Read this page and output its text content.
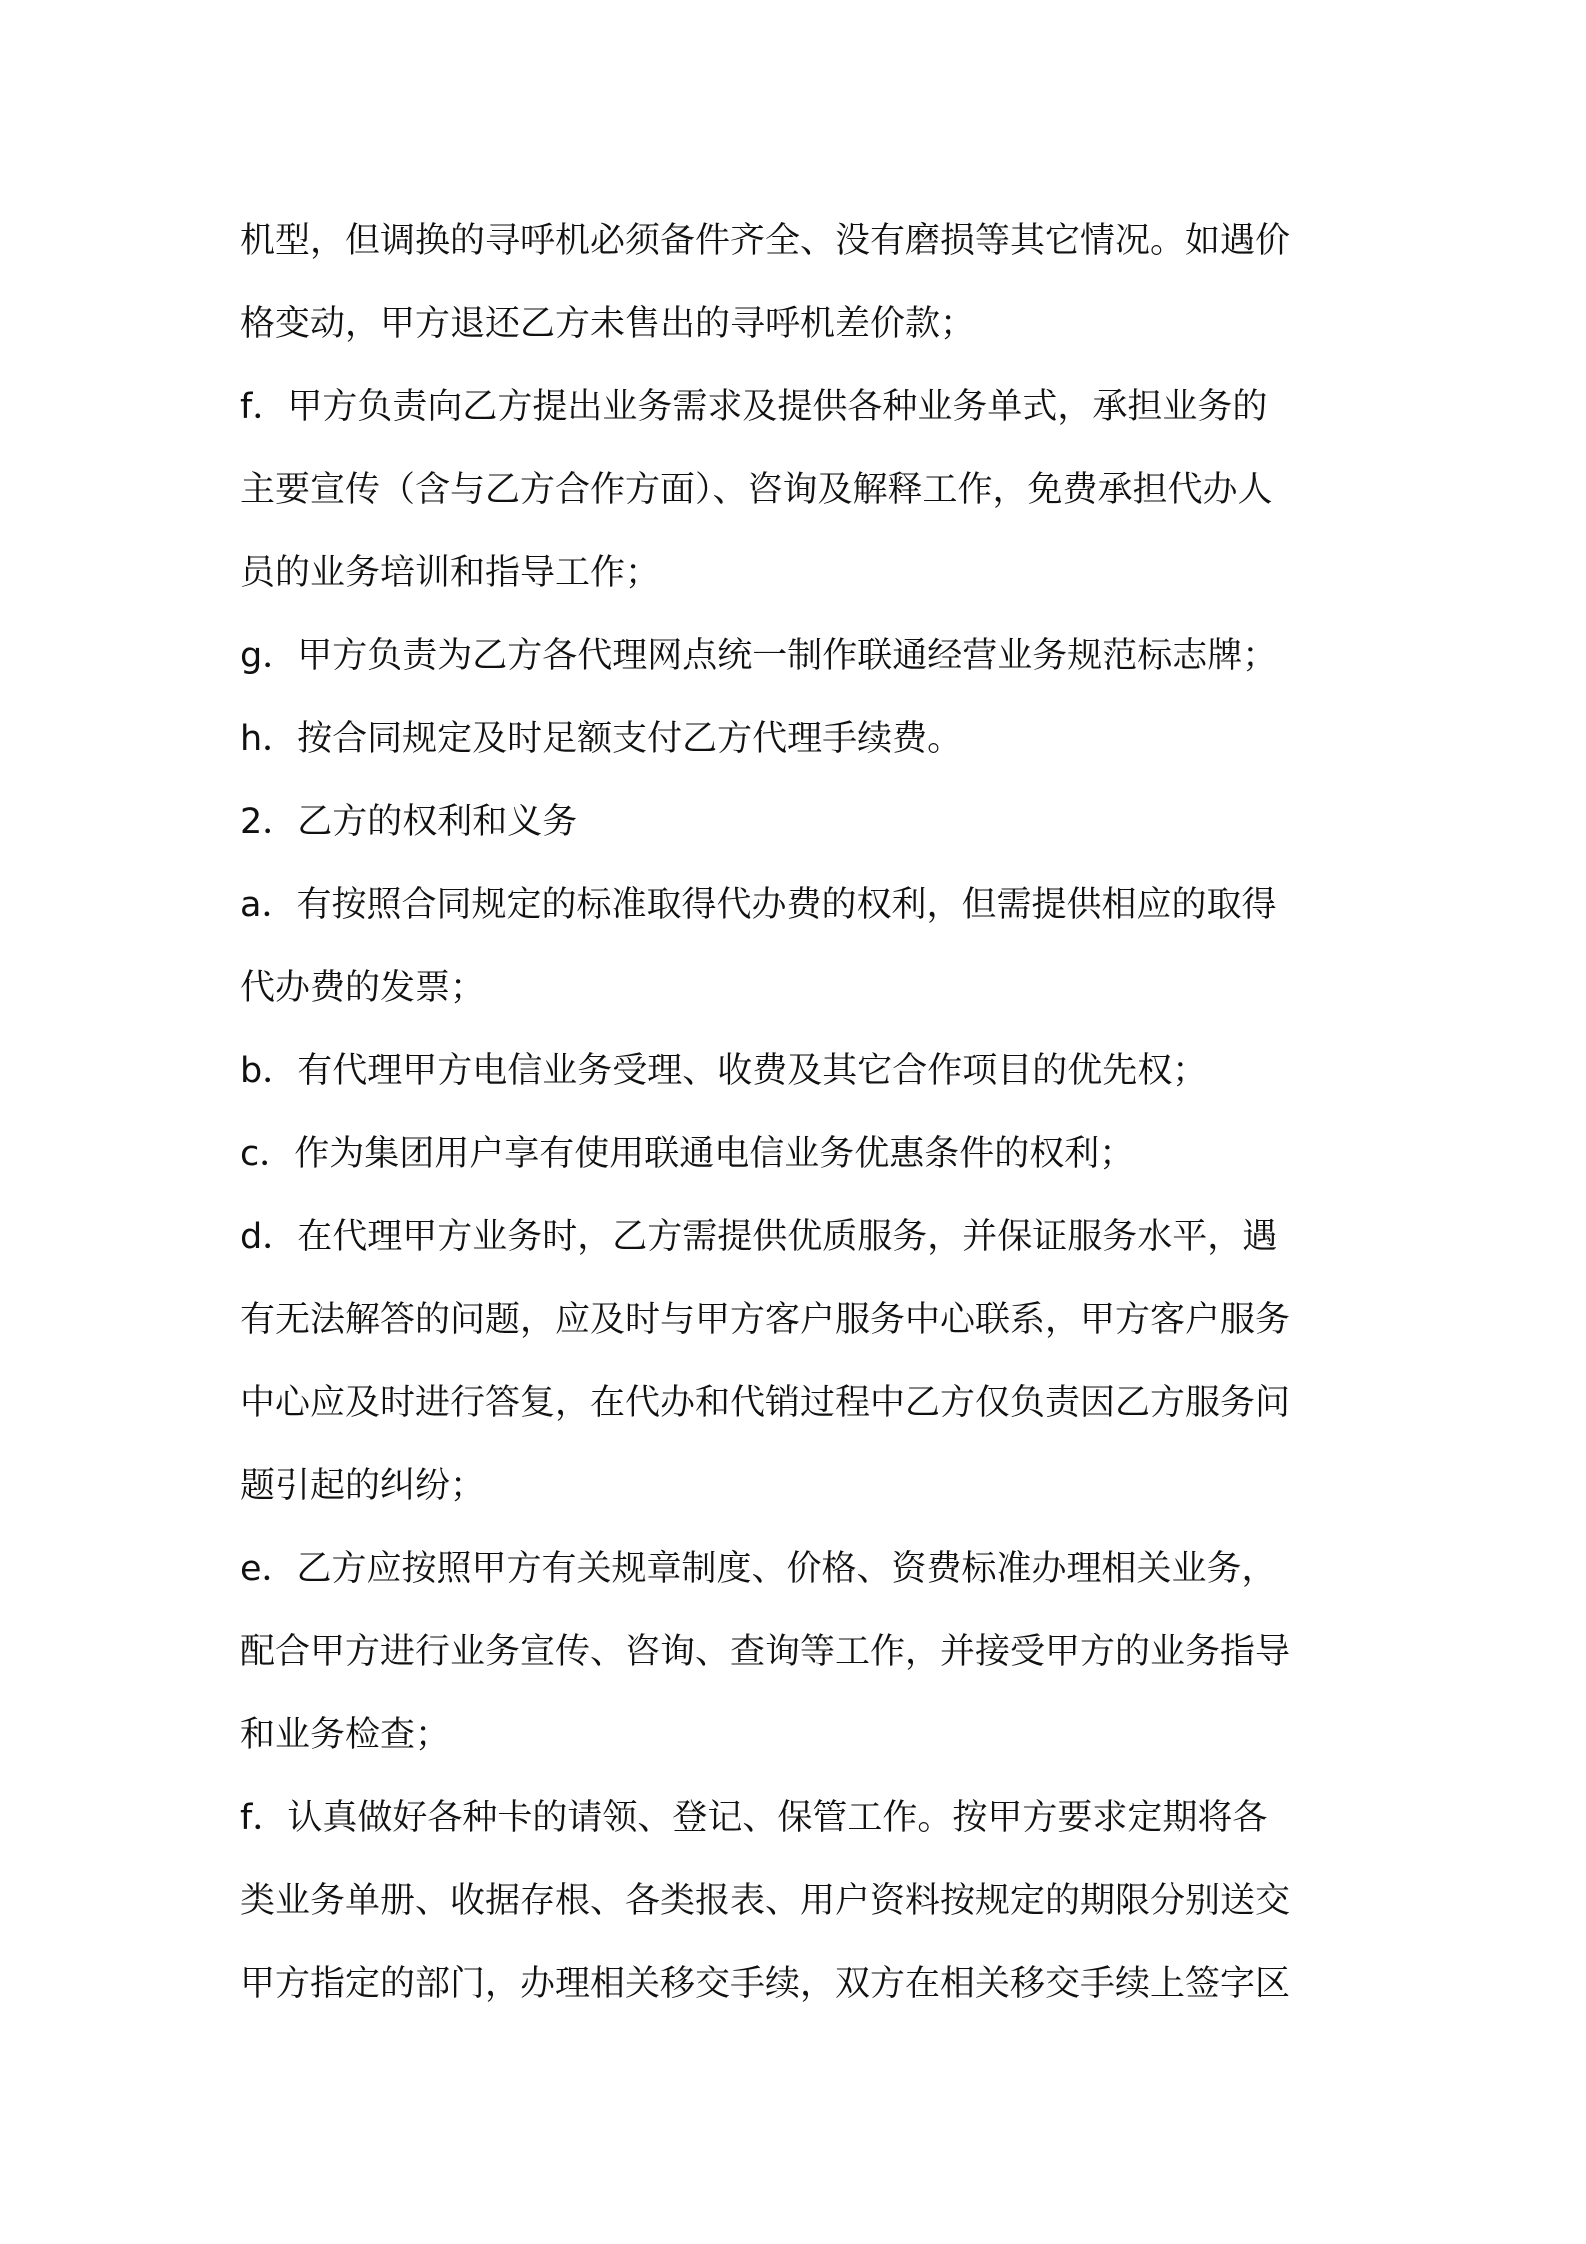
机型，但调换的寻呼机必须备件齐全、没有磨损等其它情况。如遇价
格变动，甲方退还乙方未售出的寻呼机差价款；
f．甲方负责向乙方提出业务需求及提供各种业务单式，承担业务的
主要宣传（含与乙方合作方面）、咨询及解释工作，免费承担代办人
员的业务培训和指导工作；
g．甲方负责为乙方各代理网点统一制作联通经营业务规范标志牌；
h．按合同规定及时足额支付乙方代理手续费。
2．乙方的权利和义务
a．有按照合同规定的标准取得代办费的权利，但需提供相应的取得
代办费的发票；
b．有代理甲方电信业务受理、收费及其它合作项目的优先权；
c．作为集团用户享有使用联通电信业务优惠条件的权利；
d．在代理甲方业务时，乙方需提供优质服务，并保证服务水平，遇
有无法解答的问题，应及时与甲方客户服务中心联系，甲方客户服务
中心应及时进行答复，在代办和代销过程中乙方仅负责因乙方服务问
题引起的纠纷；
e．乙方应按照甲方有关规章制度、价格、资费标准办理相关业务，
配合甲方进行业务宣传、咨询、查询等工作，并接受甲方的业务指导
和业务检查；
f．认真做好各种卡的请领、登记、保管工作。按甲方要求定期将各
类业务单册、收据存根、各类报表、用户资料按规定的期限分别送交
甲方指定的部门，办理相关移交手续，双方在相关移交手续上签字区
